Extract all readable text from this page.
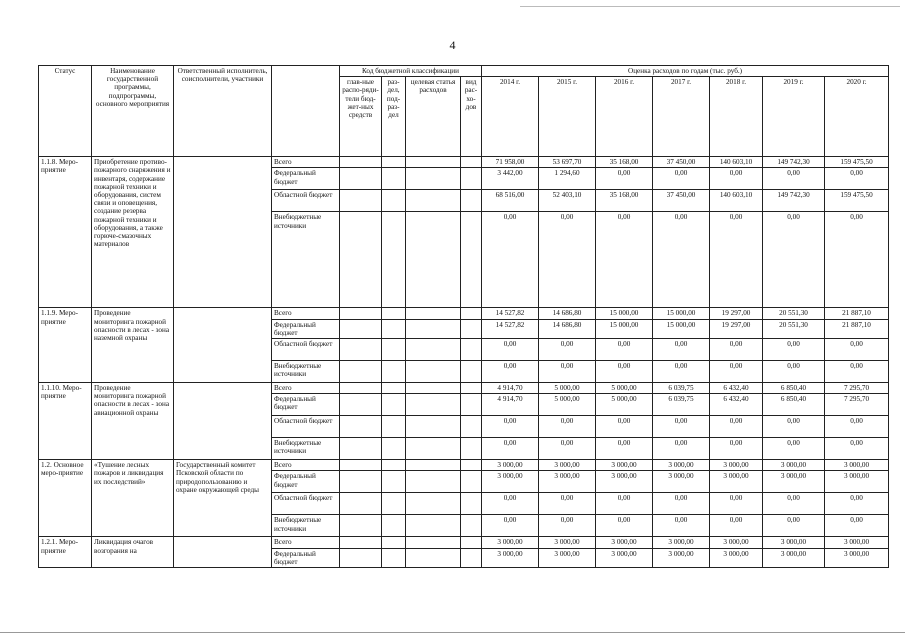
4
Статус	Наименование государственной программы, подпрограммы, основного мероприятия	Ответственный исполнитель, соисполнители, участники		Код бюджетной классификации				Оценка расходов по годам (тыс. руб.)						
				глав-ные распо-ряди-тели бюд-жет-ных средств	раз-дел, под-раз-дел	целевая статья расходов	вид рас-хо-дов	2014 г.	2015 г.	2016 г.	2017 г.	2018 г.	2019 г.	2020 г.
1.1.8. Меро-приятие	Приобретение противо-пожарного снаряжения и инвентаря, содержание пожарной техники и оборудования, систем связи и оповещения, создание резерва пожарной техники и оборудования, а также горюче-смазочных материалов		Всего					71 958,00	53 697,70	35 168,00	37 450,00	140 603,10	149 742,30	159 475,50
			Федеральный бюджет					3 442,00	1 294,60	0,00	0,00	0,00	0,00	0,00
			Областной бюджет					68 516,00	52 403,10	35 168,00	37 450,00	140 603,10	149 742,30	159 475,50
			Внебюджетные источники					0,00	0,00	0,00	0,00	0,00	0,00	0,00
1.1.9. Меро-приятие	Проведение мониторинга пожарной опасности в лесах - зона наземной охраны		Всего					14 527,82	14 686,80	15 000,00	15 000,00	19 297,00	20 551,30	21 887,10
			Федеральный бюджет					14 527,82	14 686,80	15 000,00	15 000,00	19 297,00	20 551,30	21 887,10
			Областной бюджет					0,00	0,00	0,00	0,00	0,00	0,00	0,00
			Внебюджетные источники					0,00	0,00	0,00	0,00	0,00	0,00	0,00
1.1.10. Меро-приятие	Проведение мониторинга пожарной опасности в лесах - зона авиационной охраны		Всего					4 914,70	5 000,00	5 000,00	6 039,75	6 432,40	6 850,40	7 295,70
			Федеральный бюджет					4 914,70	5 000,00	5 000,00	6 039,75	6 432,40	6 850,40	7 295,70
			Областной бюджет					0,00	0,00	0,00	0,00	0,00	0,00	0,00
			Внебюджетные источники					0,00	0,00	0,00	0,00	0,00	0,00	0,00
1.2. Основное меро-приятие	«Тушение лесных пожаров и ликвидация их последствий»	Государственный комитет Псковской области по природопользованию и охране окружающей среды	Всего					3 000,00	3 000,00	3 000,00	3 000,00	3 000,00	3 000,00	3 000,00
			Федеральный бюджет					3 000,00	3 000,00	3 000,00	3 000,00	3 000,00	3 000,00	3 000,00
			Областной бюджет					0,00	0,00	0,00	0,00	0,00	0,00	0,00
			Внебюджетные источники					0,00	0,00	0,00	0,00	0,00	0,00	0,00
1.2.1. Меро-приятие	Ликвидация очагов возгорания на		Всего					3 000,00	3 000,00	3 000,00	3 000,00	3 000,00	3 000,00	3 000,00
			Федеральный бюджет					3 000,00	3 000,00	3 000,00	3 000,00	3 000,00	3 000,00	3 000,00
